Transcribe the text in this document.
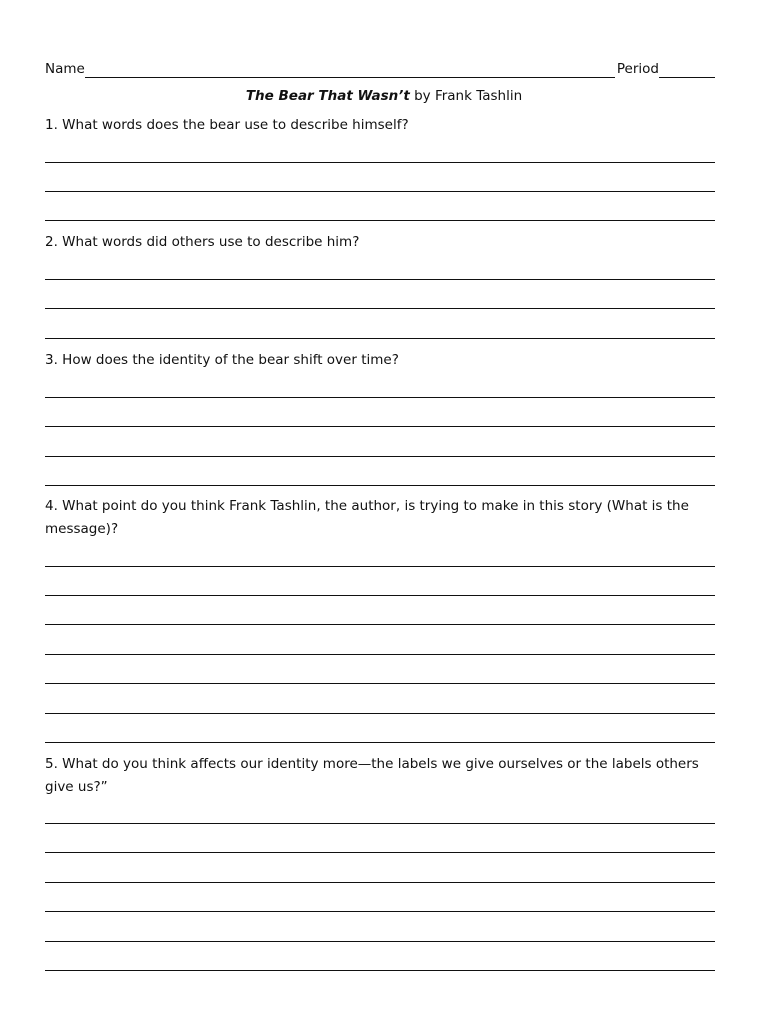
Name	Period
The Bear That Wasn’t by Frank Tashlin
1. What words does the bear use to describe himself?
2. What words did others use to describe him?
3. How does the identity of the bear shift over time?
4. What point do you think Frank Tashlin, the author, is trying to make in this story (What is the message)?
5. What do you think affects our identity more—the labels we give ourselves or the labels others give us?”
